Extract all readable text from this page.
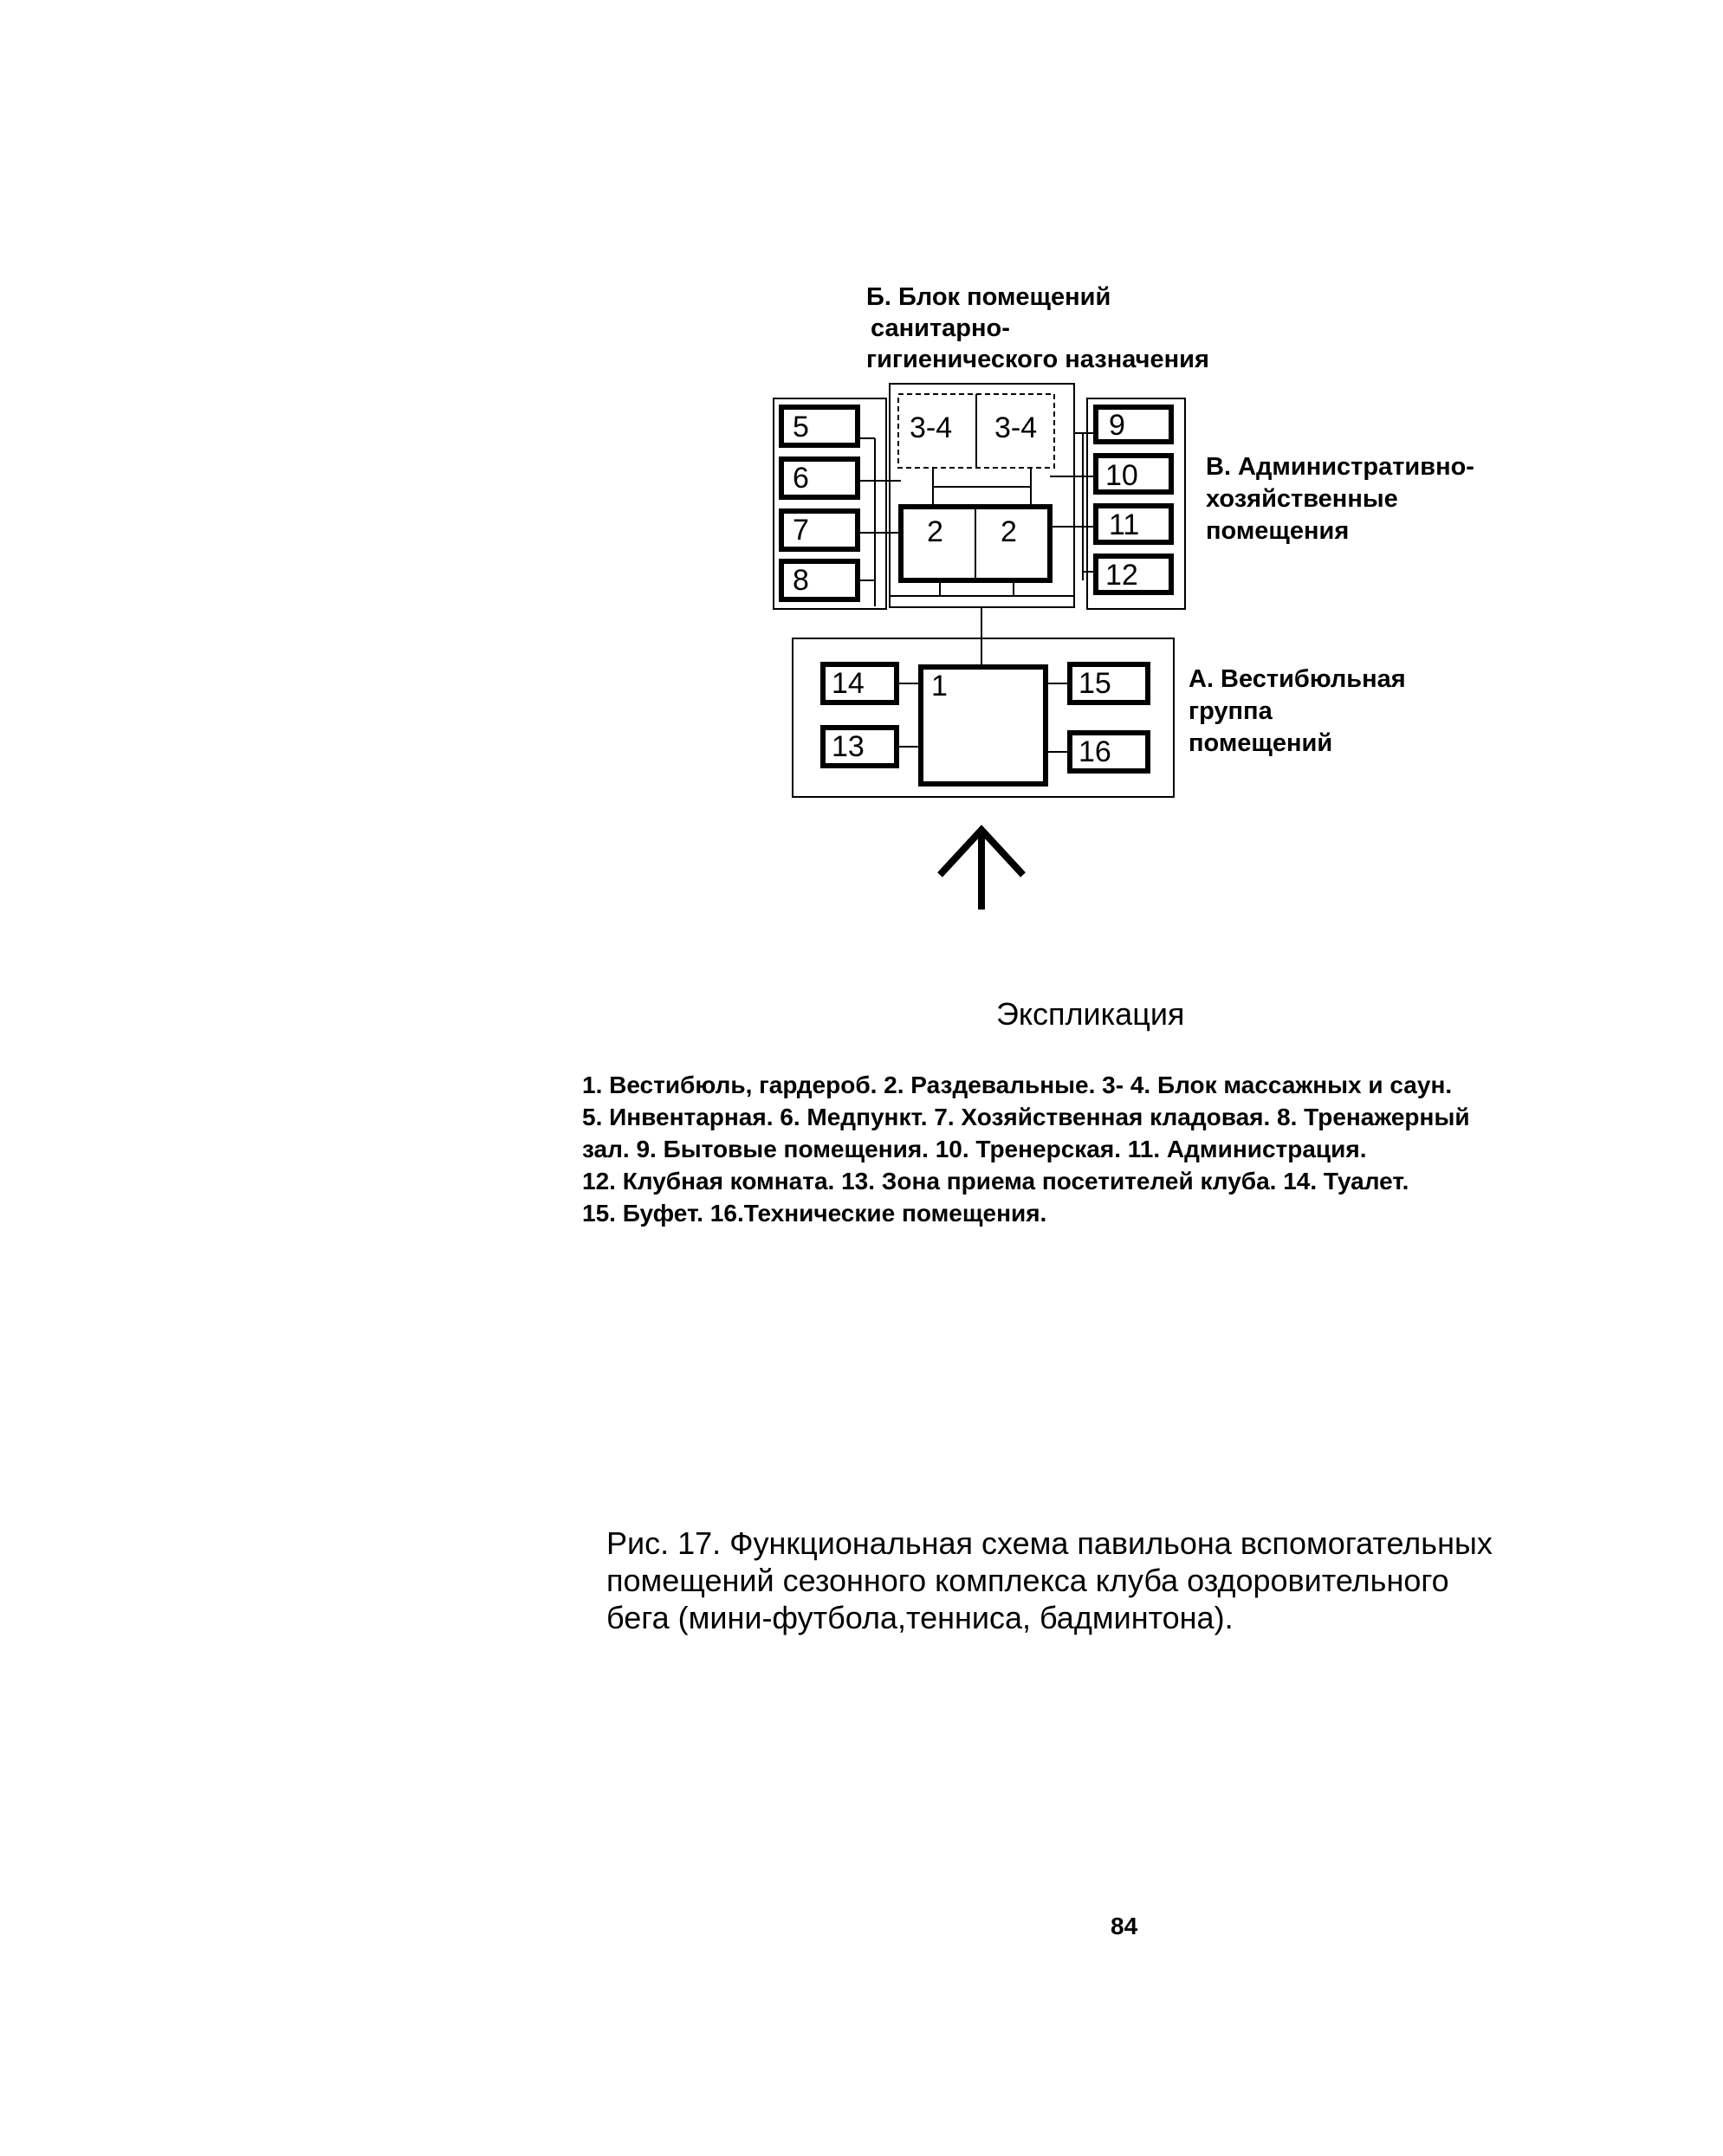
Б. Блок помещений
санитарно-
гигиенического назначения
В. Административно-
хозяйственные
помещения
А. Вестибюльная
группа
помещений
3-4 3-4
2 2
5
6
7
8
9
10
11
12
1
14
13
15
16
Экспликация
1. Вестибюль, гардероб. 2. Раздевальные. 3- 4. Блок массажных и саун.
5. Инвентарная. 6. Медпункт. 7. Хозяйственная кладовая. 8. Тренажерный
зал. 9. Бытовые помещения. 10. Тренерская. 11. Администрация.
12. Клубная комната. 13. Зона приема посетителей клуба. 14. Туалет.
15. Буфет. 16.Технические помещения.
Рис. 17. Функциональная схема павильона вспомогательных
помещений сезонного комплекса клуба оздоровительного
бега (мини-футбола,тенниса, бадминтона).
84
